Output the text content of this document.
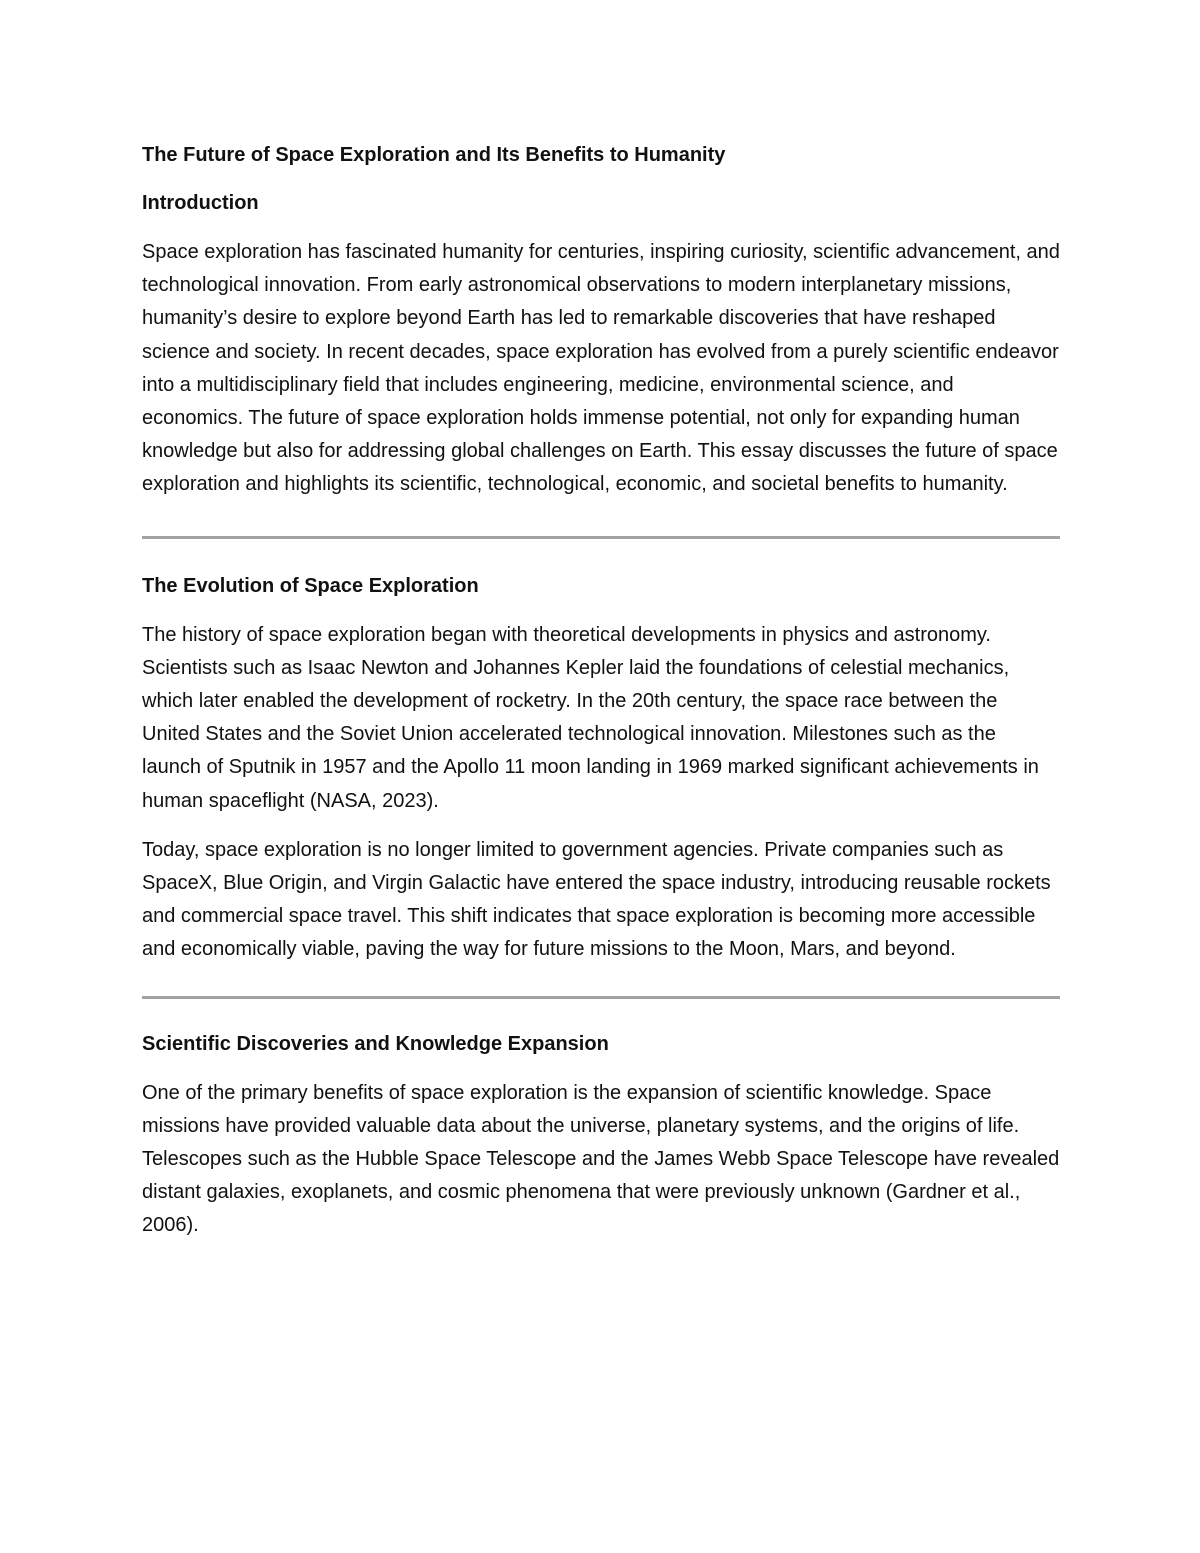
The Future of Space Exploration and Its Benefits to Humanity
Introduction

Space exploration has fascinated humanity for centuries, inspiring curiosity, scientific advancement, and technological innovation. From early astronomical observations to modern interplanetary missions, humanity’s desire to explore beyond Earth has led to remarkable discoveries that have reshaped science and society. In recent decades, space exploration has evolved from a purely scientific endeavor into a multidisciplinary field that includes engineering, medicine, environmental science, and economics. The future of space exploration holds immense potential, not only for expanding human knowledge but also for addressing global challenges on Earth. This essay discusses the future of space exploration and highlights its scientific, technological, economic, and societal benefits to humanity.

The Evolution of Space Exploration

The history of space exploration began with theoretical developments in physics and astronomy. Scientists such as Isaac Newton and Johannes Kepler laid the foundations of celestial mechanics, which later enabled the development of rocketry. In the 20th century, the space race between the United States and the Soviet Union accelerated technological innovation. Milestones such as the launch of Sputnik in 1957 and the Apollo 11 moon landing in 1969 marked significant achievements in human spaceflight (NASA, 2023).

Today, space exploration is no longer limited to government agencies. Private companies such as SpaceX, Blue Origin, and Virgin Galactic have entered the space industry, introducing reusable rockets and commercial space travel. This shift indicates that space exploration is becoming more accessible and economically viable, paving the way for future missions to the Moon, Mars, and beyond.

Scientific Discoveries and Knowledge Expansion

One of the primary benefits of space exploration is the expansion of scientific knowledge. Space missions have provided valuable data about the universe, planetary systems, and the origins of life. Telescopes such as the Hubble Space Telescope and the James Webb Space Telescope have revealed distant galaxies, exoplanets, and cosmic phenomena that were previously unknown (Gardner et al., 2006).
